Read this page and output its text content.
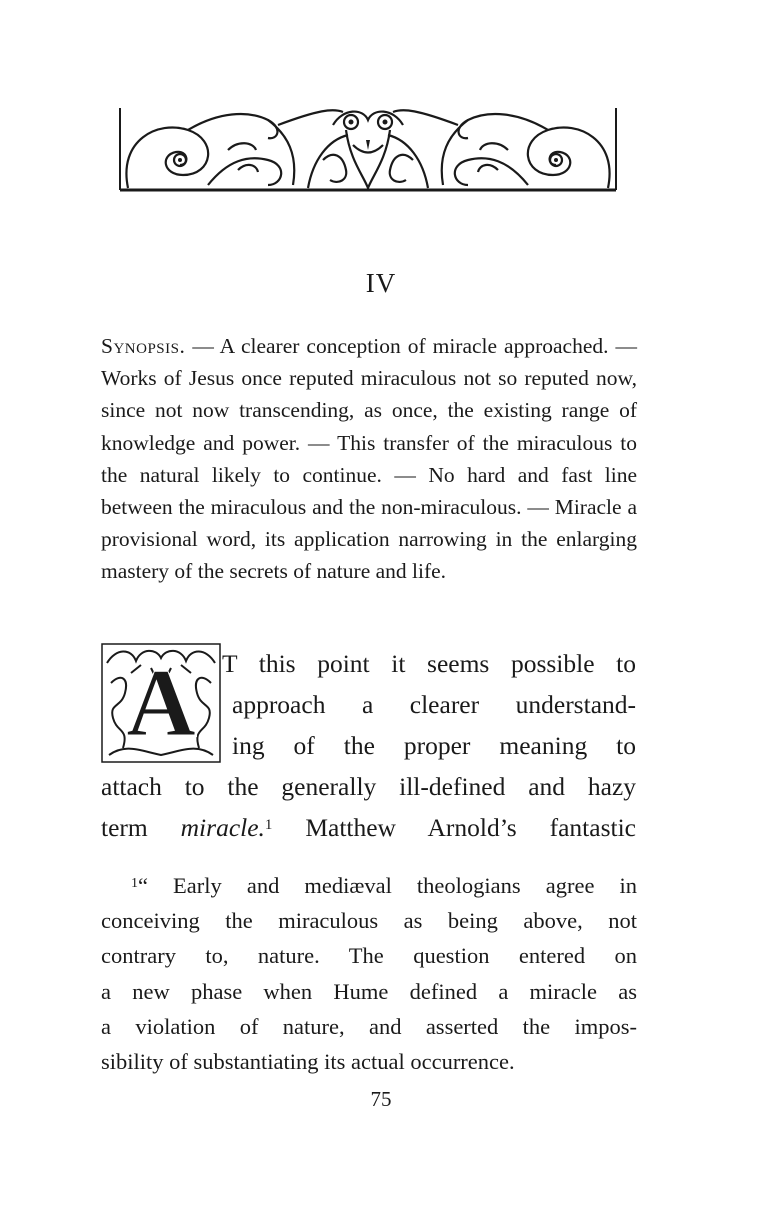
IV
Synopsis. — A clearer conception of miracle approached. — Works of Jesus once reputed miraculous not so reputed now, since not now transcending, as once, the existing range of knowledge and power. — This transfer of the miraculous to the natural likely to continue. — No hard and fast line between the miraculous and the non-miraculous. — Miracle a provisional word, its application narrowing in the enlarging mastery of the secrets of nature and life.
A T this point it seems possible to
approach a clearer understand-
ing of the proper meaning to
attach to the generally ill-defined and hazy
term miracle.$^1$ Matthew Arnold’s fantastic
$^1$“ Early and mediæval theologians agree in
conceiving the miraculous as being above, not
contrary to, nature. The question entered on
a new phase when Hume defined a miracle as
a violation of nature, and asserted the impos-
sibility of substantiating its actual occurrence.
75
